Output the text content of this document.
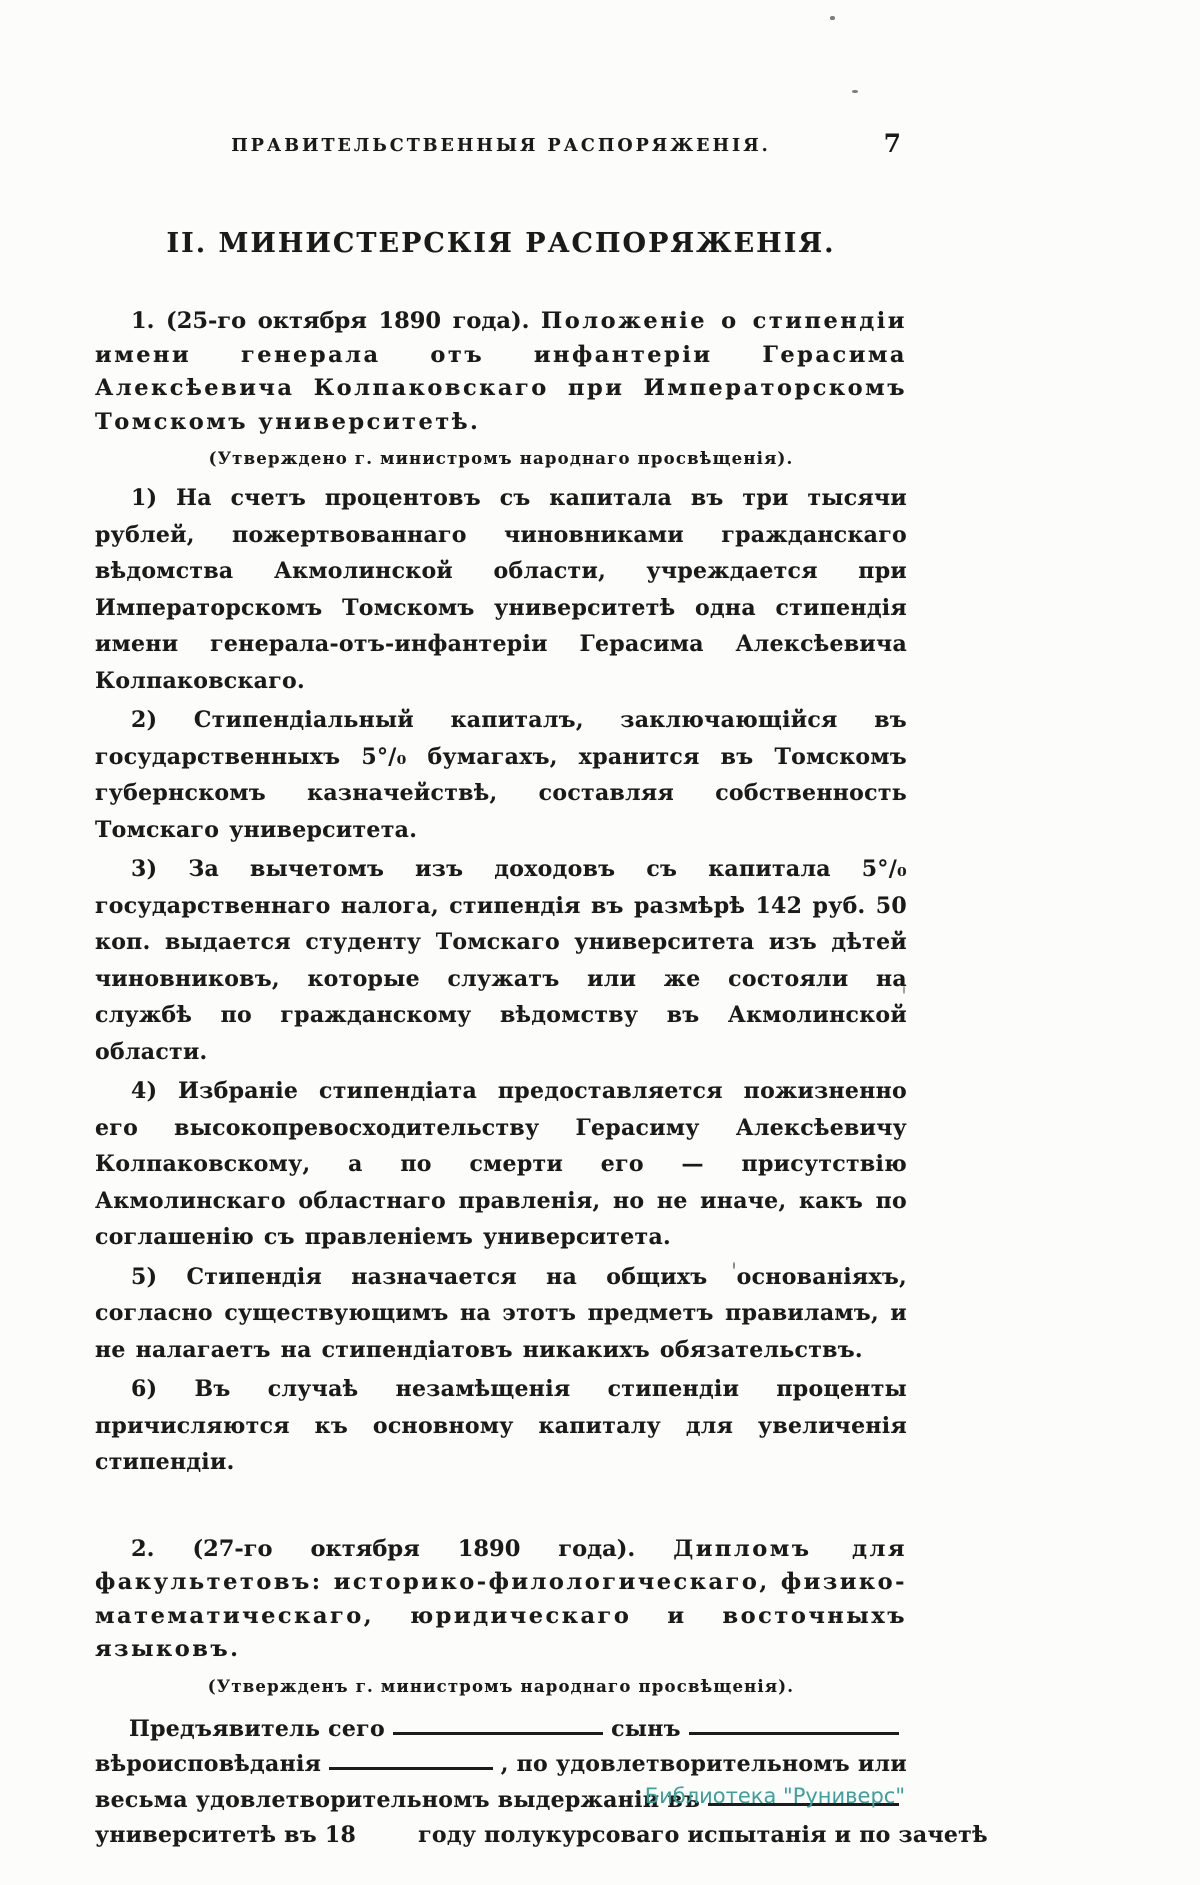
ПРАВИТЕЛЬСТВЕННЫЯ РАСПОРЯЖЕНІЯ.	7
II. МИНИСТЕРСКІЯ РАСПОРЯЖЕНІЯ.

1. (25-го октября 1890 года). Положеніе о стипендіи имени генерала отъ инфантеріи Герасима Алексѣевича Колпаковскаго при Императорскомъ Томскомъ университетѣ.

(Утверждено г. министромъ народнаго просвѣщенія).

1) На счетъ процентовъ съ капитала въ три тысячи рублей, пожертвованнаго чиновниками гражданскаго вѣдомства Акмолинской области, учреждается при Императорскомъ Томскомъ университетѣ одна стипендія имени генерала-отъ-инфантеріи Герасима Алексѣевича Колпаковскаго.

2) Стипендіальный капиталъ, заключающійся въ государственныхъ 5°/₀ бумагахъ, хранится въ Томскомъ губернскомъ казначействѣ, составляя собственность Томскаго университета.

3) За вычетомъ изъ доходовъ съ капитала 5°/₀ государственнаго налога, стипендія въ размѣрѣ 142 руб. 50 коп. выдается студенту Томскаго университета изъ дѣтей чиновниковъ, которые служатъ или же состояли на службѣ по гражданскому вѣдомству въ Акмолинской области.

4) Избраніе стипендіата предоставляется пожизненно его высокопревосходительству Герасиму Алексѣевичу Колпаковскому, а по смерти его — присутствію Акмолинскаго областнаго правленія, но не иначе, какъ по соглашенію съ правленіемъ университета.

5) Стипендія назначается на общихъ основаніяхъ, согласно существующимъ на этотъ предметъ правиламъ, и не налагаетъ на стипендіатовъ никакихъ обязательствъ.

6) Въ случаѣ незамѣщенія стипендіи проценты причисляются къ основному капиталу для увеличенія стипендіи.

2. (27-го октября 1890 года). Дипломъ для факультетовъ: историко-филологическаго, физико-математическаго, юридическаго и восточныхъ языковъ.

(Утвержденъ г. министромъ народнаго просвѣщенія).

Предъявитель сего	сынъ
вѣроисповѣданія	, по удовлетворительномъ или
весьма удовлетворительномъ выдержаніи въ
университетѣ въ 18	году полукурсоваго испытанія и по зачетѣ
Библиотека "Руниверс"
